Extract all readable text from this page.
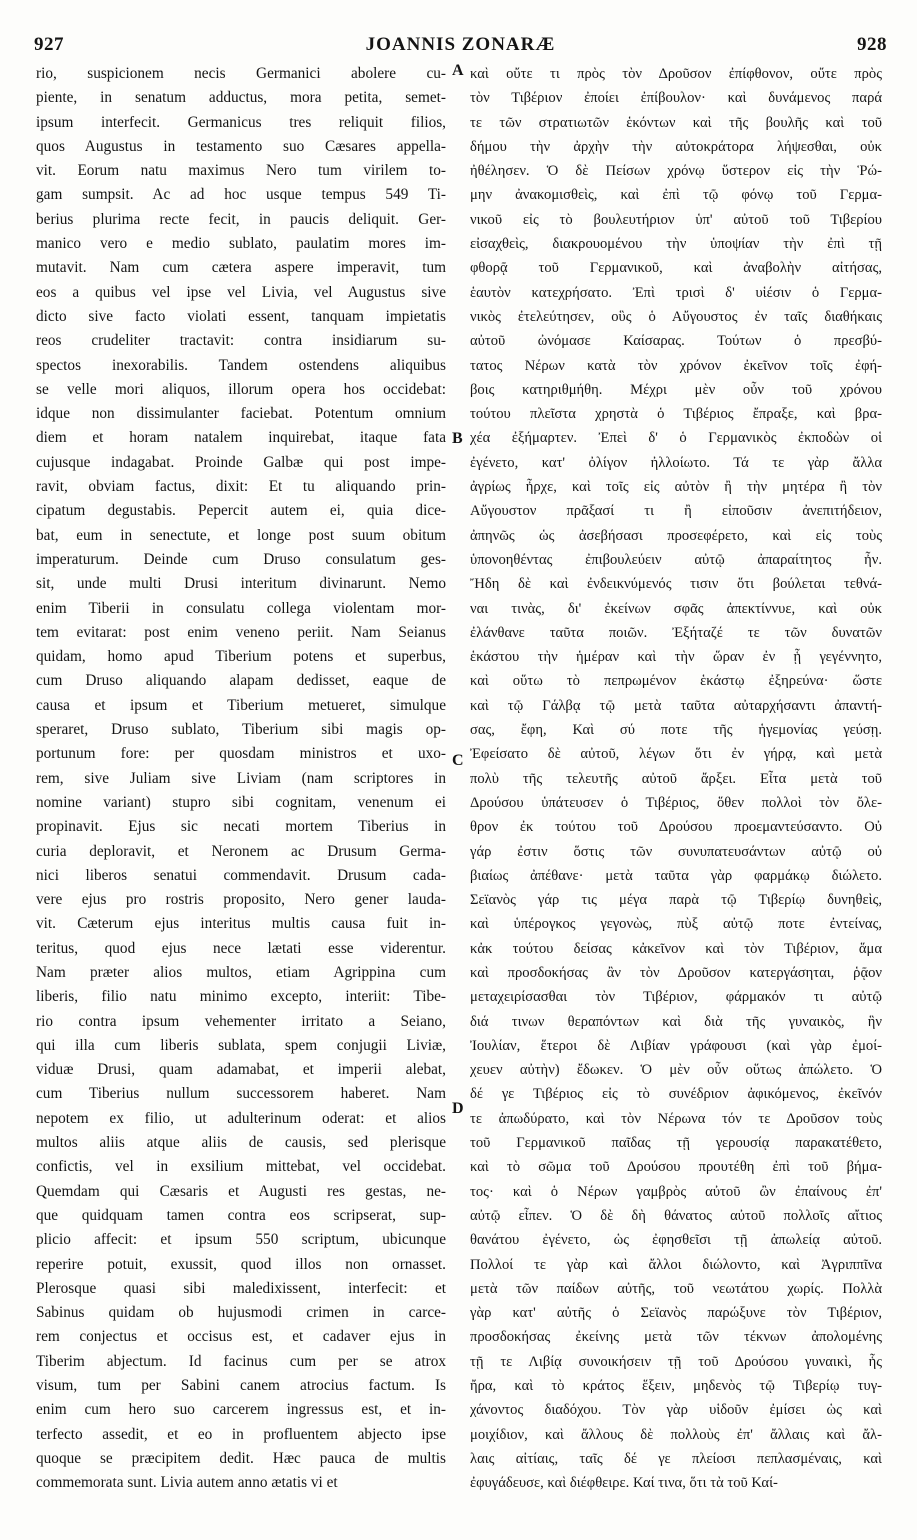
927	JOANNIS ZONARÆ	928
rio, suspicionem necis Germanici abolere cu-
piente, in senatum adductus, mora petita, semet-
ipsum interfecit. Germanicus tres reliquit filios,
quos Augustus in testamento suo Cæsares appella-
vit. Eorum natu maximus Nero tum virilem to-
gam sumpsit. Ac ad hoc usque tempus 549 Ti-
berius plurima recte fecit, in paucis deliquit. Ger-
manico vero e medio sublato, paulatim mores im-
mutavit. Nam cum cætera aspere imperavit, tum
eos a quibus vel ipse vel Livia, vel Augustus sive
dicto sive facto violati essent, tanquam impietatis
reos crudeliter tractavit: contra insidiarum su-
spectos inexorabilis. Tandem ostendens aliquibus
se velle mori aliquos, illorum opera hos occidebat:
idque non dissimulanter faciebat. Potentum omnium
diem et horam natalem inquirebat, itaque fata
cujusque indagabat. Proinde Galbæ qui post impe-
ravit, obviam factus, dixit: Et tu aliquando prin-
cipatum degustabis. Pepercit autem ei, quia dice-
bat, eum in senectute, et longe post suum obitum
imperaturum. Deinde cum Druso consulatum ges-
sit, unde multi Drusi interitum divinarunt. Nemo
enim Tiberii in consulatu collega violentam mor-
tem evitarat: post enim veneno periit. Nam Seianus
quidam, homo apud Tiberium potens et superbus,
cum Druso aliquando alapam dedisset, eaque de
causa et ipsum et Tiberium metueret, simulque
speraret, Druso sublato, Tiberium sibi magis op-
portunum fore: per quosdam ministros et uxo-
rem, sive Juliam sive Liviam (nam scriptores in
nomine variant) stupro sibi cognitam, venenum ei
propinavit. Ejus sic necati mortem Tiberius in
curia deploravit, et Neronem ac Drusum Germa-
nici liberos senatui commendavit. Drusum cada-
vere ejus pro rostris proposito, Nero gener lauda-
vit. Cæterum ejus interitus multis causa fuit in-
teritus, quod ejus nece lætati esse viderentur.
Nam præter alios multos, etiam Agrippina cum
liberis, filio natu minimo excepto, interiit: Tibe-
rio contra ipsum vehementer irritato a Seiano,
qui illa cum liberis sublata, spem conjugii Liviæ,
viduæ Drusi, quam adamabat, et imperii alebat,
cum Tiberius nullum successorem haberet. Nam
nepotem ex filio, ut adulterinum oderat: et alios
multos aliis atque aliis de causis, sed plerisque
confictis, vel in exsilium mittebat, vel occidebat.
Quemdam qui Cæsaris et Augusti res gestas, ne-
que quidquam tamen contra eos scripserat, sup-
plicio affecit: et ipsum 550 scriptum, ubicunque
reperire potuit, exussit, quod illos non ornasset.
Plerosque quasi sibi maledixissent, interfecit: et
Sabinus quidam ob hujusmodi crimen in carce-
rem conjectus et occisus est, et cadaver ejus in
Tiberim abjectum. Id facinus cum per se atrox
visum, tum per Sabini canem atrocius factum. Is
enim cum hero suo carcerem ingressus est, et in-
terfecto assedit, et eo in profluentem abjecto ipse
quoque se præcipitem dedit. Hæc pauca de multis
commemorata sunt. Livia autem anno ætatis vi et
καὶ οὔτε τι πρὸς τὸν Δροῦσον ἐπίφθονον, οὔτε πρὸς
τὸν Τιβέριον ἐποίει ἐπίβουλον· καὶ δυνάμενος παρά
τε τῶν στρατιωτῶν ἑκόντων καὶ τῆς βουλῆς καὶ τοῦ
δήμου τὴν ἀρχὴν τὴν αὐτοκράτορα λήψεσθαι, οὐκ
ἠθέλησεν. Ὁ δὲ Πείσων χρόνῳ ὕστερον εἰς τὴν Ῥώ-
μην ἀνακομισθεὶς, καὶ ἐπὶ τῷ φόνῳ τοῦ Γερμα-
νικοῦ εἰς τὸ βουλευτήριον ὑπ' αὐτοῦ τοῦ Τιβερίου
εἰσαχθεὶς, διακρουομένου τὴν ὑποψίαν τὴν ἐπὶ τῇ
φθορᾷ τοῦ Γερμανικοῦ, καὶ ἀναβολὴν αἰτήσας,
ἑαυτὸν κατεχρήσατο. Ἐπὶ τρισὶ δ' υἱέσιν ὁ Γερμα-
νικὸς ἐτελεύτησεν, οὓς ὁ Αὔγουστος ἐν ταῖς διαθήκαις
αὐτοῦ ὠνόμασε Καίσαρας. Τούτων ὁ πρεσβύ-
τατος Νέρων κατὰ τὸν χρόνον ἐκεῖνον τοῖς ἐφή-
βοις κατηριθμήθη. Μέχρι μὲν οὖν τοῦ χρόνου
τούτου πλεῖστα χρηστὰ ὁ Τιβέριος ἔπραξε, καὶ βρα-
χέα ἐξήμαρτεν. Ἐπεὶ δ' ὁ Γερμανικὸς ἐκποδὼν οἱ
ἐγένετο, κατ' ὀλίγον ἠλλοίωτο. Τά τε γὰρ ἄλλα
ἀγρίως ἦρχε, καὶ τοῖς εἰς αὐτὸν ἢ τὴν μητέρα ἢ τὸν
Αὔγουστον πρᾶξασί τι ἢ εἰποῦσιν ἀνεπιτήδειον,
ἀπηνῶς ὡς ἀσεβήσασι προσεφέρετο, καὶ εἰς τοὺς
ὑπονοηθέντας ἐπιβουλεύειν αὐτῷ ἀπαραίτητος ἦν.
Ἤδη δὲ καὶ ἐνδεικνύμενός τισιν ὅτι βούλεται τεθνά-
ναι τινὰς, δι' ἐκείνων σφᾶς ἀπεκτίννυε, καὶ οὐκ
ἐλάνθανε ταῦτα ποιῶν. Ἐξήταζέ τε τῶν δυνατῶν
ἑκάστου τὴν ἡμέραν καὶ τὴν ὥραν ἐν ᾗ γεγέννητο,
καὶ οὕτω τὸ πεπρωμένον ἑκάστῳ ἐξηρεύνα· ὥστε
καὶ τῷ Γάλβᾳ τῷ μετὰ ταῦτα αὐταρχήσαντι ἀπαντή-
σας, ἔφη, Καὶ σύ ποτε τῆς ἡγεμονίας γεύσῃ.
Ἐφείσατο δὲ αὐτοῦ, λέγων ὅτι ἐν γήρᾳ, καὶ μετὰ
πολὺ τῆς τελευτῆς αὐτοῦ ἄρξει. Εἶτα μετὰ τοῦ
Δρούσου ὑπάτευσεν ὁ Τιβέριος, ὅθεν πολλοὶ τὸν ὄλε-
θρον ἐκ τούτου τοῦ Δρούσου προεμαντεύσαντο. Οὐ
γάρ ἐστιν ὅστις τῶν συνυπατευσάντων αὐτῷ οὐ
βιαίως ἀπέθανε· μετὰ ταῦτα γὰρ φαρμάκῳ διώλετο.
Σεϊανὸς γάρ τις μέγα παρὰ τῷ Τιβερίῳ δυνηθεὶς,
καὶ ὑπέρογκος γεγονὼς, πὺξ αὐτῷ ποτε ἐντείνας,
κἀκ τούτου δείσας κἀκεῖνον καὶ τὸν Τιβέριον, ἅμα
καὶ προσδοκήσας ἂν τὸν Δροῦσον κατεργάσηται, ῥᾷον
μεταχειρίσασθαι τὸν Τιβέριον, φάρμακόν τι αὐτῷ
διά τινων θεραπόντων καὶ διὰ τῆς γυναικὸς, ἣν
Ἰουλίαν, ἕτεροι δὲ Λιβίαν γράφουσι (καὶ γὰρ ἐμοί-
χευεν αὐτὴν) ἔδωκεν. Ὁ μὲν οὖν οὕτως ἀπώλετο. Ὁ
δέ γε Τιβέριος εἰς τὸ συνέδριον ἀφικόμενος, ἐκεῖνόν
τε ἀπωδύρατο, καὶ τὸν Νέρωνα τόν τε Δροῦσον τοὺς
τοῦ Γερμανικοῦ παῖδας τῇ γερουσίᾳ παρακατέθετο,
καὶ τὸ σῶμα τοῦ Δρούσου προυτέθη ἐπὶ τοῦ βήμα-
τος· καὶ ὁ Νέρων γαμβρὸς αὐτοῦ ὢν ἐπαίνους ἐπ'
αὐτῷ εἶπεν. Ὁ δὲ δὴ θάνατος αὐτοῦ πολλοῖς αἴτιος
θανάτου ἐγένετο, ὡς ἐφησθεῖσι τῇ ἀπωλείᾳ αὐτοῦ.
Πολλοί τε γὰρ καὶ ἄλλοι διώλοντο, καὶ Ἀγριππῖνα
μετὰ τῶν παίδων αὐτῆς, τοῦ νεωτάτου χωρίς. Πολλὰ
γὰρ κατ' αὐτῆς ὁ Σεϊανὸς παρώξυνε τὸν Τιβέριον,
προσδοκήσας ἐκείνης μετὰ τῶν τέκνων ἀπολομένης
τῇ τε Λιβίᾳ συνοικήσειν τῇ τοῦ Δρούσου γυναικὶ, ἧς
ἤρα, καὶ τὸ κράτος ἕξειν, μηδενὸς τῷ Τιβερίῳ τυγ-
χάνοντος διαδόχου. Τὸν γὰρ υἱδοῦν ἐμίσει ὡς καὶ
μοιχίδιον, καὶ ἄλλους δὲ πολλοὺς ἐπ' ἄλλαις καὶ ἄλ-
λαις αἰτίαις, ταῖς δέ γε πλείοσι πεπλασμέναις, καὶ
ἐφυγάδευσε, καὶ διέφθειρε. Καί τινα, ὅτι τὰ τοῦ Καί-
A
B
C
D
